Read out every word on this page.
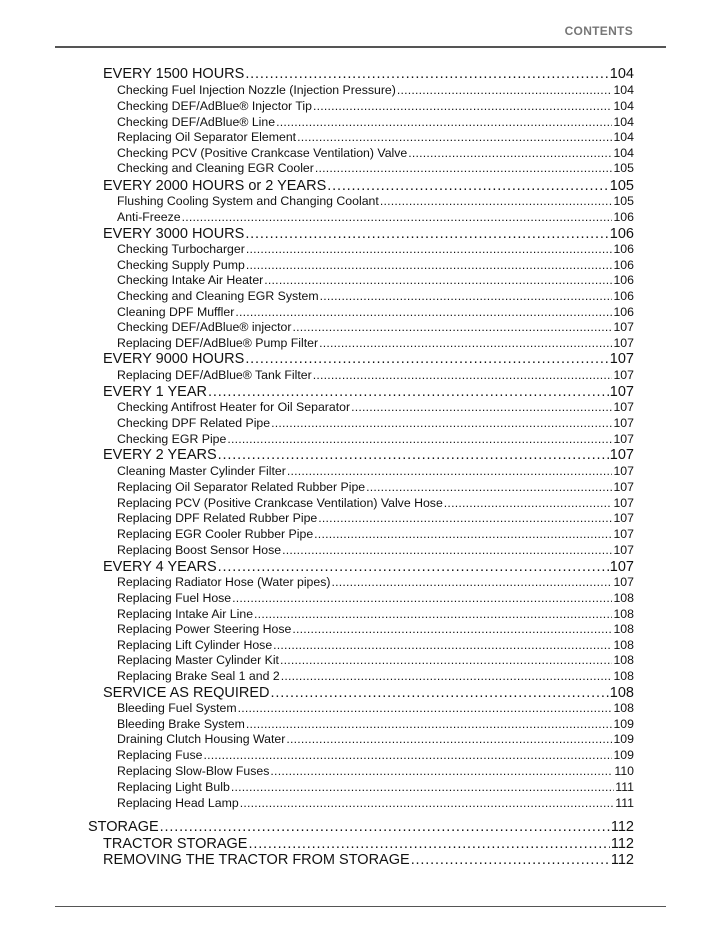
CONTENTS
EVERY 1500 HOURS . . .	104
Checking Fuel Injection Nozzle (Injection Pressure) . . .	104
Checking DEF/AdBlue® Injector Tip . . .	104
Checking DEF/AdBlue® Line . . .	104
Replacing Oil Separator Element . . .	104
Checking PCV (Positive Crankcase Ventilation) Valve . . .	104
Checking and Cleaning EGR Cooler . . .	105
EVERY 2000 HOURS or 2 YEARS . . .	105
Flushing Cooling System and Changing Coolant . . .	105
Anti-Freeze . . .	106
EVERY 3000 HOURS . . .	106
Checking Turbocharger . . .	106
Checking Supply Pump . . .	106
Checking Intake Air Heater . . .	106
Checking and Cleaning EGR System . . .	106
Cleaning DPF Muffler . . .	106
Checking DEF/AdBlue® injector . . .	107
Replacing DEF/AdBlue® Pump Filter . . .	107
EVERY 9000 HOURS . . .	107
Replacing DEF/AdBlue® Tank Filter . . .	107
EVERY 1 YEAR . . .	107
Checking Antifrost Heater for Oil Separator . . .	107
Checking DPF Related Pipe . . .	107
Checking EGR Pipe . . .	107
EVERY 2 YEARS . . .	107
Cleaning Master Cylinder Filter . . .	107
Replacing Oil Separator Related Rubber Pipe . . .	107
Replacing PCV (Positive Crankcase Ventilation) Valve Hose . . .	107
Replacing DPF Related Rubber Pipe . . .	107
Replacing EGR Cooler Rubber Pipe . . .	107
Replacing Boost Sensor Hose . . .	107
EVERY 4 YEARS . . .	107
Replacing Radiator Hose (Water pipes) . . .	107
Replacing Fuel Hose . . .	108
Replacing Intake Air Line . . .	108
Replacing Power Steering Hose . . .	108
Replacing Lift Cylinder Hose . . .	108
Replacing Master Cylinder Kit . . .	108
Replacing Brake Seal 1 and 2 . . .	108
SERVICE AS REQUIRED . . .	108
Bleeding Fuel System . . .	108
Bleeding Brake System . . .	109
Draining Clutch Housing Water . . .	109
Replacing Fuse . . .	109
Replacing Slow-Blow Fuses . . .	110
Replacing Light Bulb . . .	111
Replacing Head Lamp . . .	111
STORAGE . . .	112
TRACTOR STORAGE . . .	112
REMOVING THE TRACTOR FROM STORAGE . . .	112
